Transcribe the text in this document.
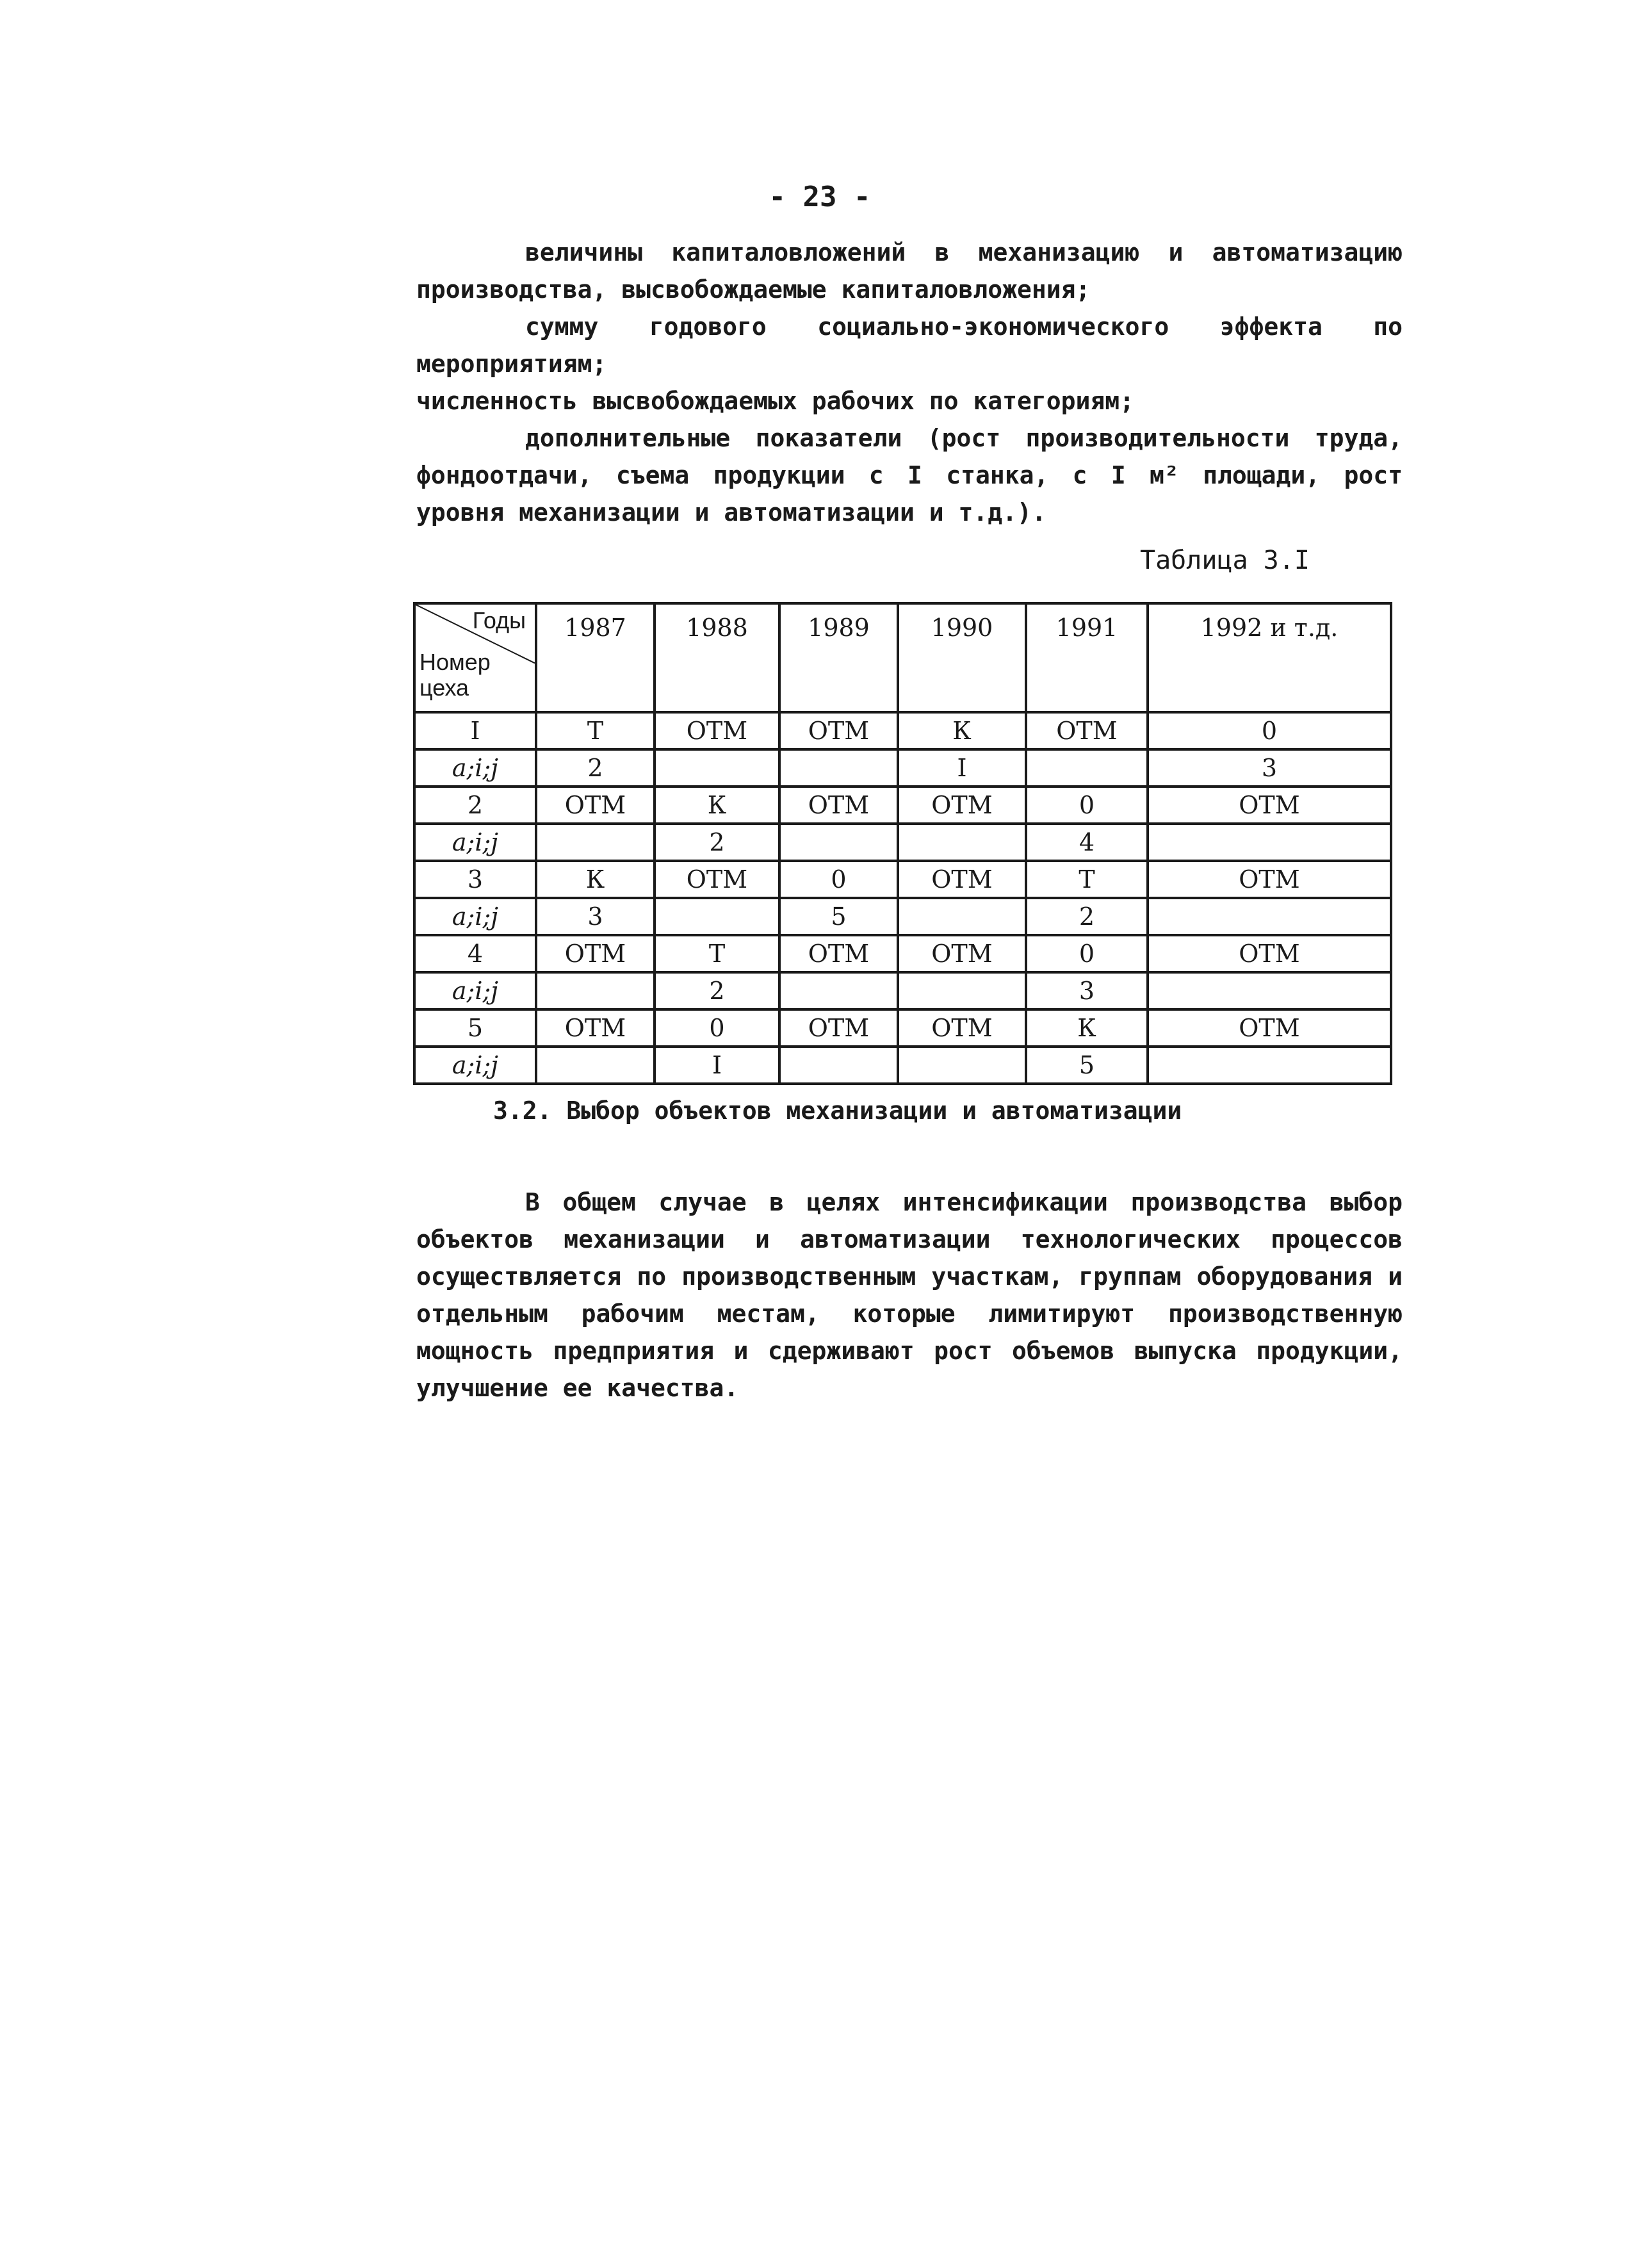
- 2З -

величины капиталовложений в механизацию и автоматизацию производства, высвобождаемые капиталовложения;

сумму годового социально-экономического эффекта по мероприятиям;

численность высвобождаемых рабочих по категориям;

дополнительные показатели (рост производительности труда, фондоотдачи, съема продукции с I станка, с I м² площади, рост уровня механизации и автоматизации и т.д.).

Таблица 3.I
Годы
Номер цеха	1987	1988	1989	1990	1991	1992 и т.д.
I	Т	ОТМ	ОТМ	К	ОТМ	0
a;i;j	2			I		3
2	ОТМ	К	ОТМ	ОТМ	0	ОТМ
a;i;j		2			4	
3	К	ОТМ	0	ОТМ	Т	ОТМ
a;i;j	3		5		2	
4	ОТМ	Т	ОТМ	ОТМ	0	ОТМ
a;i;j		2			3	
5	ОТМ	0	ОТМ	ОТМ	К	ОТМ
a;i;j		I			5	
3.2. Выбор объектов механизации и автоматизации

В общем случае в целях интенсификации производства выбор объектов механизации и автоматизации технологических процессов осуществляется по производственным участкам, группам оборудования и отдельным рабочим местам, которые лимитируют производственную мощность предприятия и сдерживают рост объемов выпуска продукции, улучшение ее качества.
